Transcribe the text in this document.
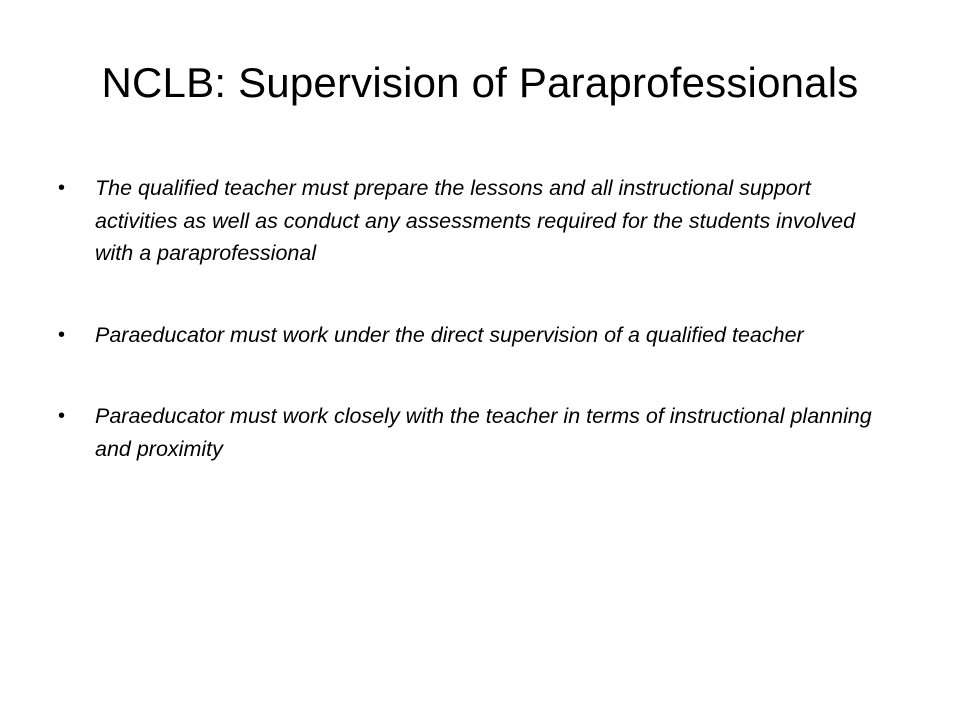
NCLB: Supervision of Paraprofessionals
• The qualified teacher must prepare the lessons and all instructional support activities as well as conduct any assessments required for the students involved with a paraprofessional
• Paraeducator must work under the direct supervision of a qualified teacher
• Paraeducator must work closely with the teacher in terms of instructional planning and proximity
